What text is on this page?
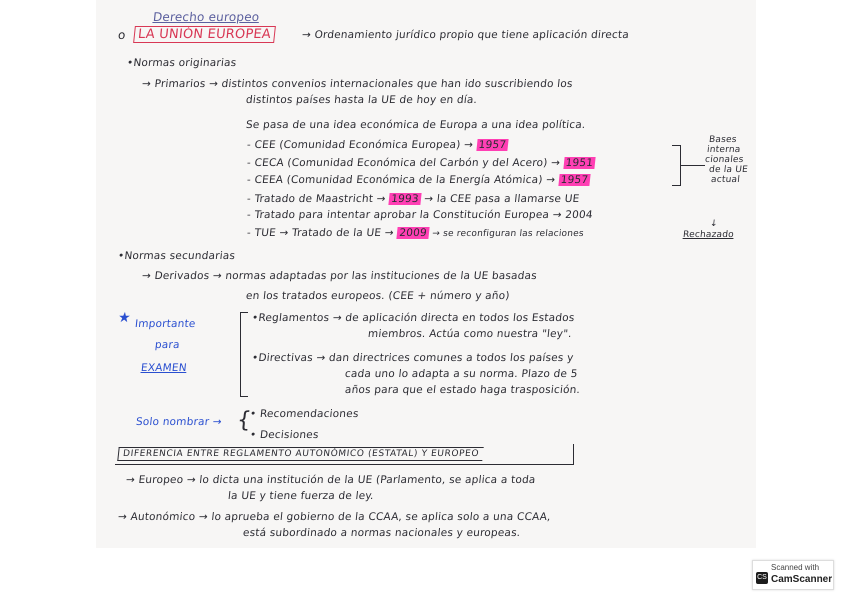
Derecho europeo
o LA UNIÓN EUROPEA	→ Ordenamiento jurídico propio que tiene aplicación directa
•Normas originarias
→ Primarios → distintos convenios internacionales que han ido suscribiendo los
distintos países hasta la UE de hoy en día.
Se pasa de una idea económica de Europa a una idea política.
- CEE (Comunidad Económica Europea) → 1957
- CECA (Comunidad Económica del Carbón y del Acero) → 1951
- CEEA (Comunidad Económica de la Energía Atómica) → 1957
- Tratado de Maastricht → 1993 → la CEE pasa a llamarse UE
- Tratado para intentar aprobar la Constitución Europea → 2004
- TUE → Tratado de la UE → 2009 → se reconfiguran las relaciones
Bases
interna
cionales
de la UE
actual
↓
Rechazado
•Normas secundarias
→ Derivados → normas adaptadas por las instituciones de la UE basadas
en los tratados europeos. (CEE + número y año)
★ Importante
para
EXAMEN
•Reglamentos → de aplicación directa en todos los Estados
miembros. Actúa como nuestra "ley".
•Directivas → dan directrices comunes a todos los países y
cada uno lo adapta a su norma. Plazo de 5
años para que el estado haga trasposición.
Solo nombrar → {
• Recomendaciones
• Decisiones
DIFERENCIA ENTRE REGLAMENTO AUTONÓMICO (ESTATAL) Y EUROPEO
→ Europeo → lo dicta una institución de la UE (Parlamento, se aplica a toda
la UE y tiene fuerza de ley.
→ Autonómico → lo aprueba el gobierno de la CCAA, se aplica solo a una CCAA,
está subordinado a normas nacionales y europeas.
CS
Scanned with
CamScanner
